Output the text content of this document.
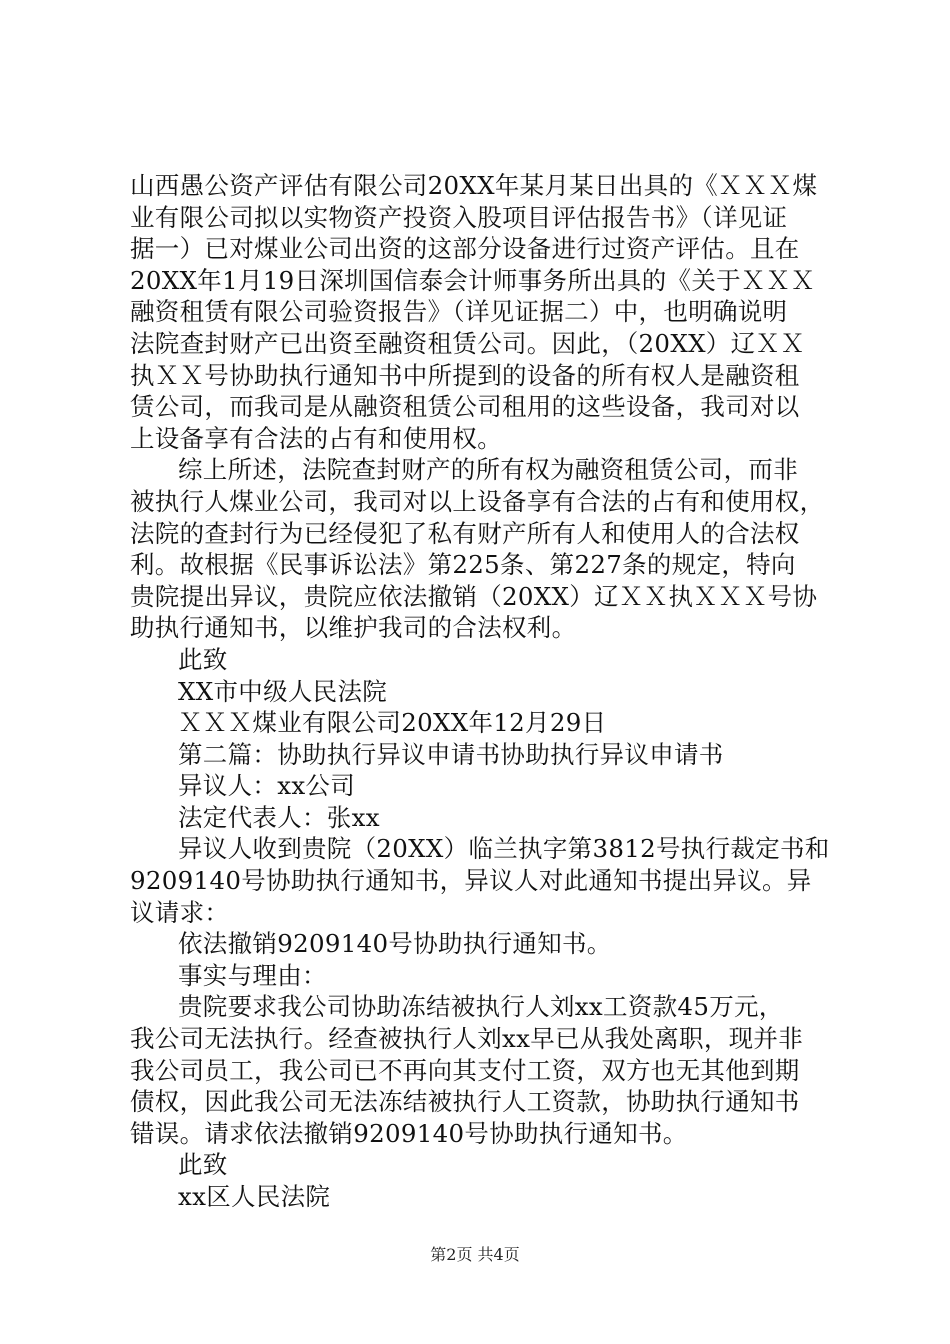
山西愚公资产评估有限公司20XX年某月某日出具的《ＸＸＸ煤

业有限公司拟以实物资产投资入股项目评估报告书》（详见证

据一）已对煤业公司出资的这部分设备进行过资产评估。且在

20XX年1月19日深圳国信泰会计师事务所出具的《关于ＸＸＸ

融资租赁有限公司验资报告》（详见证据二）中，也明确说明

法院查封财产已出资至融资租赁公司。因此，（20XX）辽ＸＸ

执ＸＸ号协助执行通知书中所提到的设备的所有权人是融资租

赁公司，而我司是从融资租赁公司租用的这些设备，我司对以

上设备享有合法的占有和使用权。

综上所述，法院查封财产的所有权为融资租赁公司，而非

被执行人煤业公司，我司对以上设备享有合法的占有和使用权，

法院的查封行为已经侵犯了私有财产所有人和使用人的合法权

利。故根据《民事诉讼法》第225条、第227条的规定，特向

贵院提出异议，贵院应依法撤销（20XX）辽ＸＸ执ＸＸＸ号协

助执行通知书，以维护我司的合法权利。

此致

XX市中级人民法院

ＸＸＸ煤业有限公司20XX年12月29日

第二篇：协助执行异议申请书协助执行异议申请书

异议人：xx公司

法定代表人：张xx

异议人收到贵院（20XX）临兰执字第3812号执行裁定书和

9209140号协助执行通知书，异议人对此通知书提出异议。异

议请求：

依法撤销9209140号协助执行通知书。

事实与理由：

贵院要求我公司协助冻结被执行人刘xx工资款45万元，

我公司无法执行。经查被执行人刘xx早已从我处离职，现并非

我公司员工，我公司已不再向其支付工资，双方也无其他到期

债权，因此我公司无法冻结被执行人工资款，协助执行通知书

错误。请求依法撤销9209140号协助执行通知书。

此致

xx区人民法院

第2页 共4页
